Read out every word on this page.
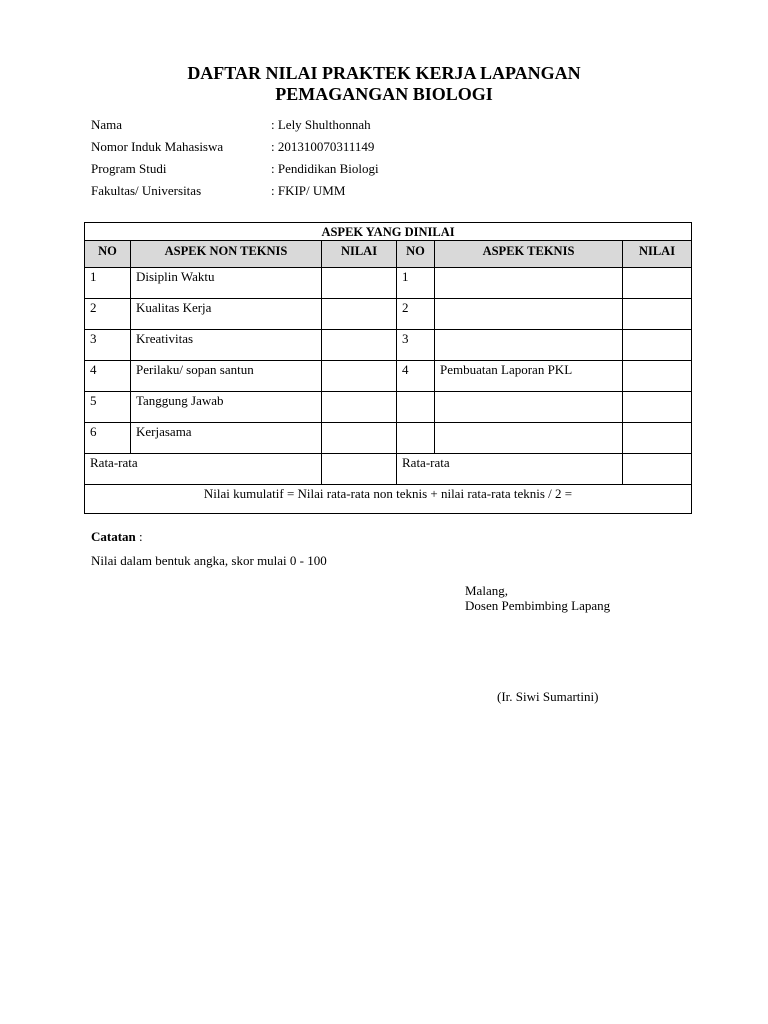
DAFTAR NILAI PRAKTEK KERJA LAPANGAN
PEMAGANGAN BIOLOGI
Nama	: Lely Shulthonnah
Nomor Induk Mahasiswa	: 201310070311149
Program Studi	: Pendidikan Biologi
Fakultas/ Universitas	: FKIP/ UMM
ASPEK YANG DINILAI					
NO	ASPEK NON TEKNIS	NILAI	NO	ASPEK TEKNIS	NILAI
1	Disiplin Waktu		1		
2	Kualitas Kerja		2		
3	Kreativitas		3		
4	Perilaku/ sopan santun		4	Pembuatan Laporan PKL	
5	Tanggung Jawab				
6	Kerjasama				
Rata-rata			Rata-rata		
Nilai kumulatif = Nilai rata-rata non teknis + nilai rata-rata teknis / 2 =					
Catatan :
Nilai dalam bentuk angka, skor mulai 0 - 100
Malang,
Dosen Pembimbing Lapang
(Ir. Siwi Sumartini)
